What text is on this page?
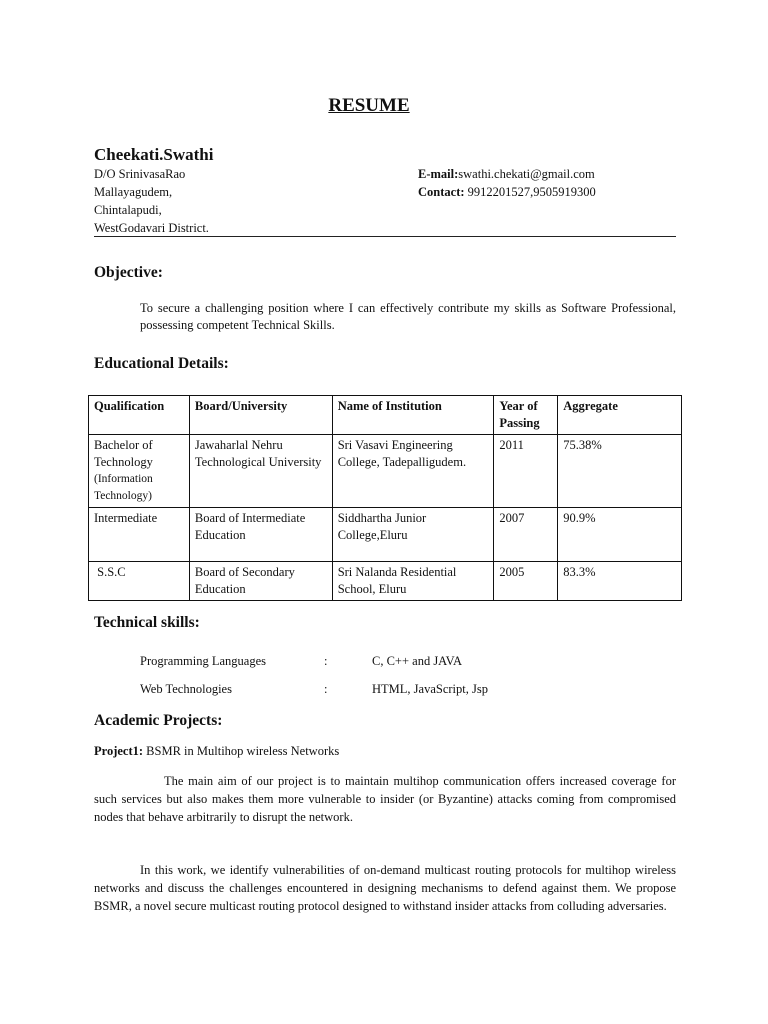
RESUME
Cheekati.Swathi
D/O SrinivasaRao
Mallayagudem,
Chintalapudi,
WestGodavari District.
E-mail:swathi.chekati@gmail.com
Contact: 9912201527,9505919300
Objective:
To secure a challenging position where I can effectively contribute my skills as Software Professional, possessing competent Technical Skills.
Educational Details:
Qualification	Board/University	Name of Institution	Year of Passing	Aggregate

Bachelor of Technology
(Information Technology)	Jawaharlal Nehru Technological University	Sri Vasavi Engineering College, Tadepalligudem.	2011	75.38%
Intermediate	Board of Intermediate Education	Siddhartha Junior College,Eluru	2007	90.9%
S.S.C	Board of Secondary Education	Sri Nalanda Residential School, Eluru	2005	83.3%
Technical skills:
Programming Languages	:	C, C++ and JAVA
Web Technologies	:	HTML, JavaScript, Jsp
Academic Projects:
Project1: BSMR in Multihop wireless Networks
The main aim of our project is to maintain multihop communication offers increased coverage for such services but also makes them more vulnerable to insider (or Byzantine) attacks coming from compromised nodes that behave arbitrarily to disrupt the network.
In this work, we identify vulnerabilities of on-demand multicast routing protocols for multihop wireless networks and discuss the challenges encountered in designing mechanisms to defend against them. We propose BSMR, a novel secure multicast routing protocol designed to withstand insider attacks from colluding adversaries.
